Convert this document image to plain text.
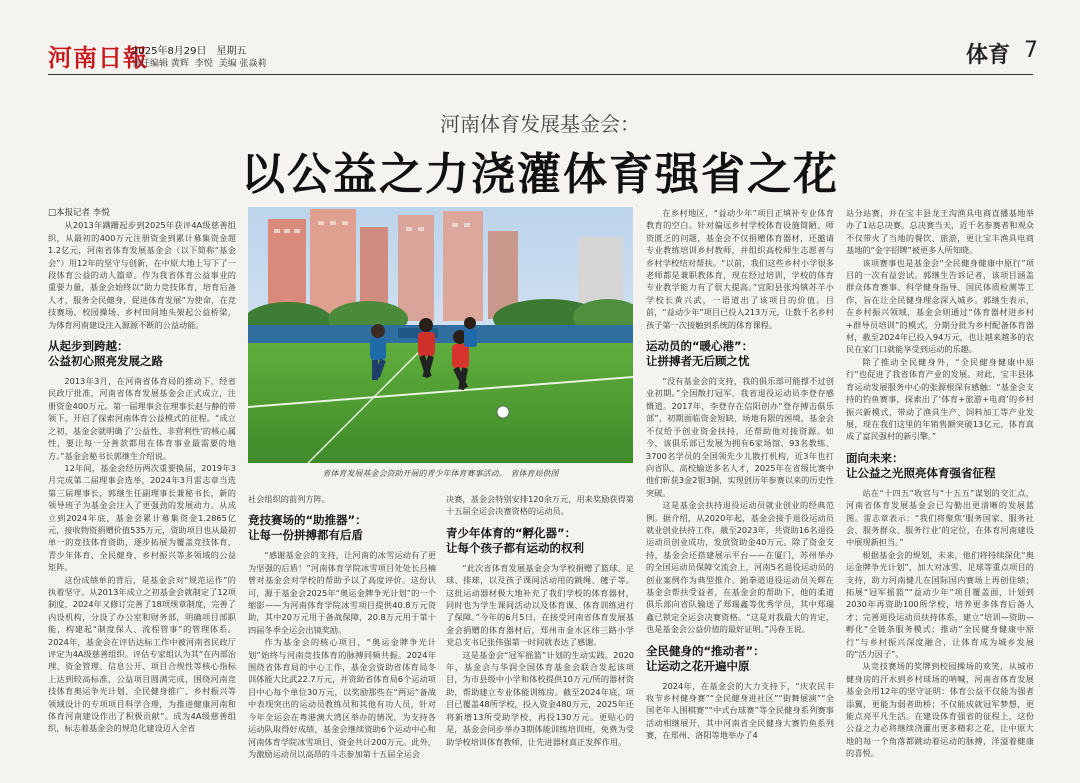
河南日報
2025年8月29日　星期五
责任编辑 黄辉 李悦 美编 张焱莉	体育 7
河南体育发展基金会：
以公益之力浇灌体育强省之花

□本报记者 李悦

从2013年蹒跚起步到2025年获评4A级慈善组织，从最初的400万元注册资金到累计募集资金超1.2亿元，河南省体育发展基金会（以下简称“基金会”）用12年的坚守与创新，在中原大地上写下了一段体育公益的动人篇章。作为我省体育公益事业的重要力量，基金会始终以“助力竞技体育，培育后备人才，服务全民健身，促进体育发展”为使命，在竞技赛场、校园操场、乡村田间地头架起公益桥梁，为体育河南建设注入源源不断的公益动能。

从起步到跨越：
公益初心照亮发展之路

2013年3月，在河南省体育局的推动下，经省民政厅批准，河南省体育发展基金会正式成立，注册资金400万元。第一届理事会在理事长赵与静的带领下，开启了探索河南体育公益模式的征程。“成立之初，基金会就明确了‘公益性、非营利性’的核心属性，要让每一分善款都用在体育事业最需要的地方。”基金会秘书长郭继生介绍说。

12年间，基金会经历两次重要换届，2019年3月完成第二届理事会选举，2024年3月雷志章当选第三届理事长，郭继生任副理事长兼秘书长，新的领导班子为基金会注入了更强劲的发展动力。从成立到2024年底，基金会累计募集资金1.2865亿元，接收物资捐赠价值535万元，资助项目也从最初单一的竞技体育资助，逐步拓展为覆盖竞技体育、青少年体育、全民健身、乡村振兴等多领域的公益矩阵。

这份成绩单的背后，是基金会对“规范运作”的执着坚守。从2013年成立之初基金会就制定了12项制度，2024年又修订完善了18项规章制度，完善了内设机构，分设了办公室和财务部，明确项目部职能，构建起“制度保人、流程管事”的管理体系。2024年，基金会在评估达标工作中被河南省民政厅评定为4A级慈善组织。评估专家组认为其“在内部治理、资金管理、信息公开、项目合规性等核心指标上达到较高标准，公益项目圆满完成，围绕河南竞技体育奥运争光计划、全民健身推广、乡村振兴等领域设计的专项项目科学合理，为推进健康河南和体育河南建设作出了积极贡献”。成为4A级慈善组织，标志着基金会的规范化建设迈入全省

省体育发展基金会资助开展的青少年体育赛事活动。　省体育局供图

社会组织的前列方阵。

竞技赛场的“助推器”：
让每一份拼搏都有后盾

“感谢基金会的支持，让河南的冰雪运动有了更为坚强的后盾！”河南体育学院冰雪项目处处长吕楠曾对基金会对学校的帮助予以了高度评价。这份认可，源于基金会2025年“奥运金牌争光计划”的一个缩影——为河南体育学院冰雪项目提供40.8万元资助，其中20万元用于备战保障，20.8万元用于第十四届冬季全运会出镜奖励。

作为基金会的核心项目，“奥运金牌争光计划”始终与河南竞技体育的脉搏同频共振。2024年围绕省体育局的中心工作，基金会资助省体育局冬训体能大比武22.7万元，并资助省体育局6个运动项目中心每个单位30万元，以奖励那些在“两运”备战中表现突出的运动员教练员和其他有功人员，针对今年全运会在粤港澳大湾区举办的情况，为支持各运动队取得好成绩，基金会继续资助6个运动中心和河南体育学院冰雪项目，资金共计200万元。此外，为激励运动员以高昂的斗志参加第十五届全运会

决赛，基金会特别安排120余万元，用来奖励获得第十五届全运会决赛资格的运动员。

青少年体育的“孵化器”：
让每个孩子都有运动的权利

“此次省体育发展基金会为学校捐赠了篮球、足球、排球，以及孩子课间活动用的跳绳、毽子等。这批运动器材极大地补充了我们学校的体育器材，同时也为学生课间活动以及体育课、体育训练进行了保障。”今年的6月5日，在接受河南省体育发展基金会捐赠的体育器材后，郑州市金水区纬三路小学党总支书记张伟强第一时间就表达了感谢。

这是基金会“冠军摇篮”计划的生动实践。2020年，基金会与华润全国体育基金会联合发起该项目，为市县级中小学和体校提供10万元/所的器材资助，帮助建立专业体能训练房。截至2024年底，项目已覆盖48所学校，投入资金480万元，2025年还将新增13所受助学校，再投130万元。更贴心的是，基金会同步举办3期体能训练培训班，免费为受助学校培训体育教师，让先进器材真正发挥作用。

在乡村地区，“益动少年”项目正填补专业体育教育的空白。针对偏远乡村学校体育设施简陋、师资匮乏的问题，基金会不仅捐赠体育器材，还邀请专业教练培训乡村教师，并组织高校师生志愿者与乡村学校结对帮扶。“以前，我们这些乡村小学很多老师都是兼职教体育，现在经过培训，学校的体育专业教学能力有了很大提高。”宜阳县张坞镇苏羊小学校长黄兴武，一语道出了该项目的价值。目前，“益动少年”项目已投入213万元，让数千名乡村孩子第一次接触到系统的体育课程。

运动员的“暖心港”：
让拼搏者无后顾之忧

“没有基金会的支持，我的俱乐部可能撑不过创业初期。”全国散打冠军、我省退役运动员李登存感慨道。2017年，李登存在信阳创办“登存搏击俱乐部”，初期面临资金短缺、场地有限的困境，基金会不仅给予创业资金扶持，还帮助他对接资源。如今，该俱乐部已发展为拥有6家场馆、93名教练、3700名学员的全国领先少儿散打机构，近3年也打向省队、高校输送多名人才，2025年在省级比赛中他们斩获3金2银3铜，实现创历年参赛以来的历史性突破。

这是基金会扶持退役运动员就业创业的经典范例。据介绍，从2020年起，基金会接手退役运动员就业创业扶持工作，截至2023年，共资助16名退役运动员创业成功，发放资助金40万元。除了资金支持，基金会还搭建展示平台——在厦门，苏州举办的全国运动员保障交流会上，河南5名退役运动员的创业案例作为典型推介。跆拳道退役运动员关辉在基金会帮扶受益者，在基金会的帮助下，他的柔道俱乐部向省队输送了郑瑞鑫等优秀学员，其中郑瑞鑫已锁定全运会决赛资格。“这是对我最大的肯定，也是基金会公益价值的最好证明。”冯春玉说。

全民健身的“推动者”：
让运动之花开遍中原

2024年，在基金会的大力支持下，“庆农民丰收节乡村健身赛”“全民健身进社区”“街舞展演”“全国老年人围棋赛”“中式台球赛”等全民健身系列赛事活动相继展开，其中河南省全民健身大赛钓鱼系列赛，在郑州、洛阳等地举办了4

站分站赛，并在宝丰县龙王沟渔具电商直播基地举办了1站总决赛。总决赛当天，近千名参赛者和观众不仅带火了当地的餐饮、旅游，更让宝丰渔具电商基地的“金字招牌”被更多人所知晓。

该项赛事也是基金会“全民健身健康中原行”项目的一次有益尝试。郭继生告诉记者，该项目涵盖群众体育赛事、科学健身指导、国民体质检测等工作，旨在让全民健身理念深入城乡。郭继生表示，在乡村振兴领域，基金会则通过“体育器材进乡村+群导员培训”的模式，分期分批为乡村配备体育器材，截至2024年已投入94万元，也让越来越多的农民在家门口就能享受到运动的乐趣。

除了推动全民健身外，“全民健身健康中原行”也促进了我省体育产业的发展。对此，宝丰县体育运动发展服务中心的张源根深有感触：“基金会支持的钓鱼赛事，探索出了‘体育+旅游+电商’的乡村振兴新模式，带动了渔具生产、饲料加工等产业发展，现在我们这里的年销售额突破13亿元，体育真成了富民强村的新引擎。”

面向未来：
让公益之光照亮体育强省征程

站在“十四五”收官与“十五五”谋划的交汇点，河南省体育发展基金会已勾勒出更清晰的发展蓝图。雷志章表示：“我们将聚焦‘服务国家、服务社会、服务群众、服务行业’的定位，在体育河南建设中展现新担当。”

根据基金会的规划，未来，他们将持续深化“奥运金牌争光计划”，加大对冰雪、足球等重点项目的支持，助力河南健儿在国际国内赛场上再创佳绩；拓展“冠军摇篮”“益动少年”项目覆盖面，计划到2030年再资助100所学校，培养更多体育后备人才；完善退役运动员扶持体系，建立“培训—资助—孵化”全链条服务模式；推动“全民健身健康中原行”与乡村振兴深度融合，让体育成为城乡发展的“活力因子”。

从竞技赛场的奖牌到校园操场的欢笑，从城市健身房的汗水到乡村球场的呐喊，河南省体育发展基金会用12年的坚守证明：体育公益不仅能为强者添翼，更能为弱者助桥；不仅能成就冠军梦想，更能点亮平凡生活。在建设体育强省的征程上，这份公益之力必将继续浇灌出更多精彩之花，让中原大地的每一个角落都跳动着运动的脉搏，洋溢着健康的喜悦。
